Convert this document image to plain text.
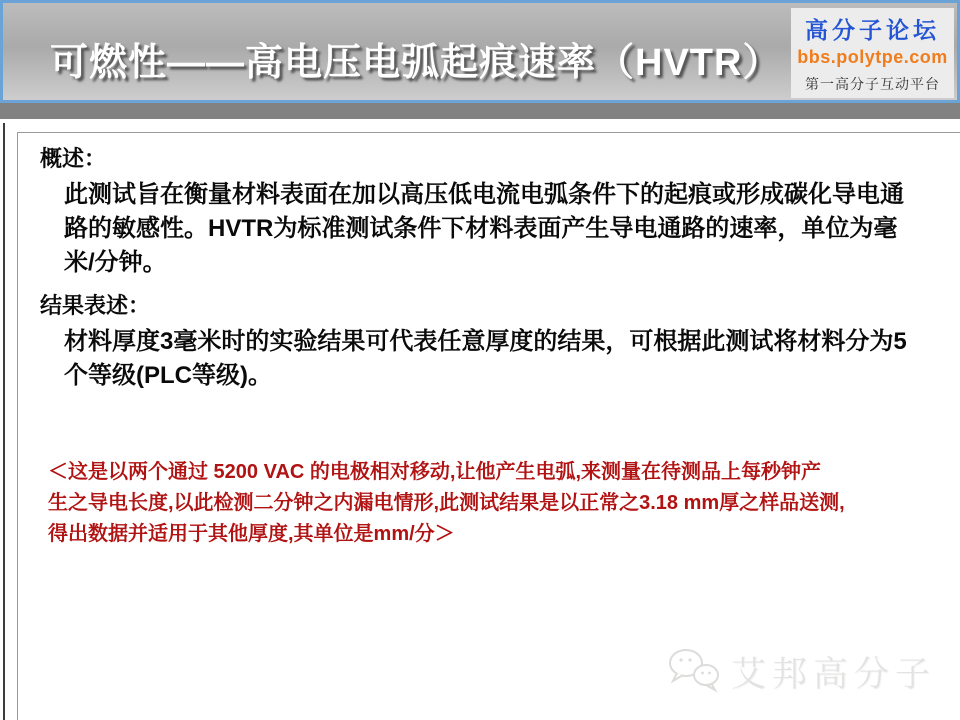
可燃性——高电压电弧起痕速率（HVTR）
高分子论坛
bbs.polytpe.com
第一高分子互动平台
概述：
此测试旨在衡量材料表面在加以高压低电流电弧条件下的起痕或形成碳化导电通
路的敏感性。HVTR为标准测试条件下材料表面产生导电通路的速率，单位为毫
米/分钟。
结果表述：
材料厚度3毫米时的实验结果可代表任意厚度的结果，可根据此测试将材料分为5
个等级(PLC等级)。
＜这是以两个通过 5200 VAC 的电极相对移动,让他产生电弧,来测量在待测品上每秒钟产
生之导电长度,以此检测二分钟之内漏电情形,此测试结果是以正常之3.18 mm厚之样品送测,
得出数据并适用于其他厚度,其单位是mm/分＞
艾邦高分子
